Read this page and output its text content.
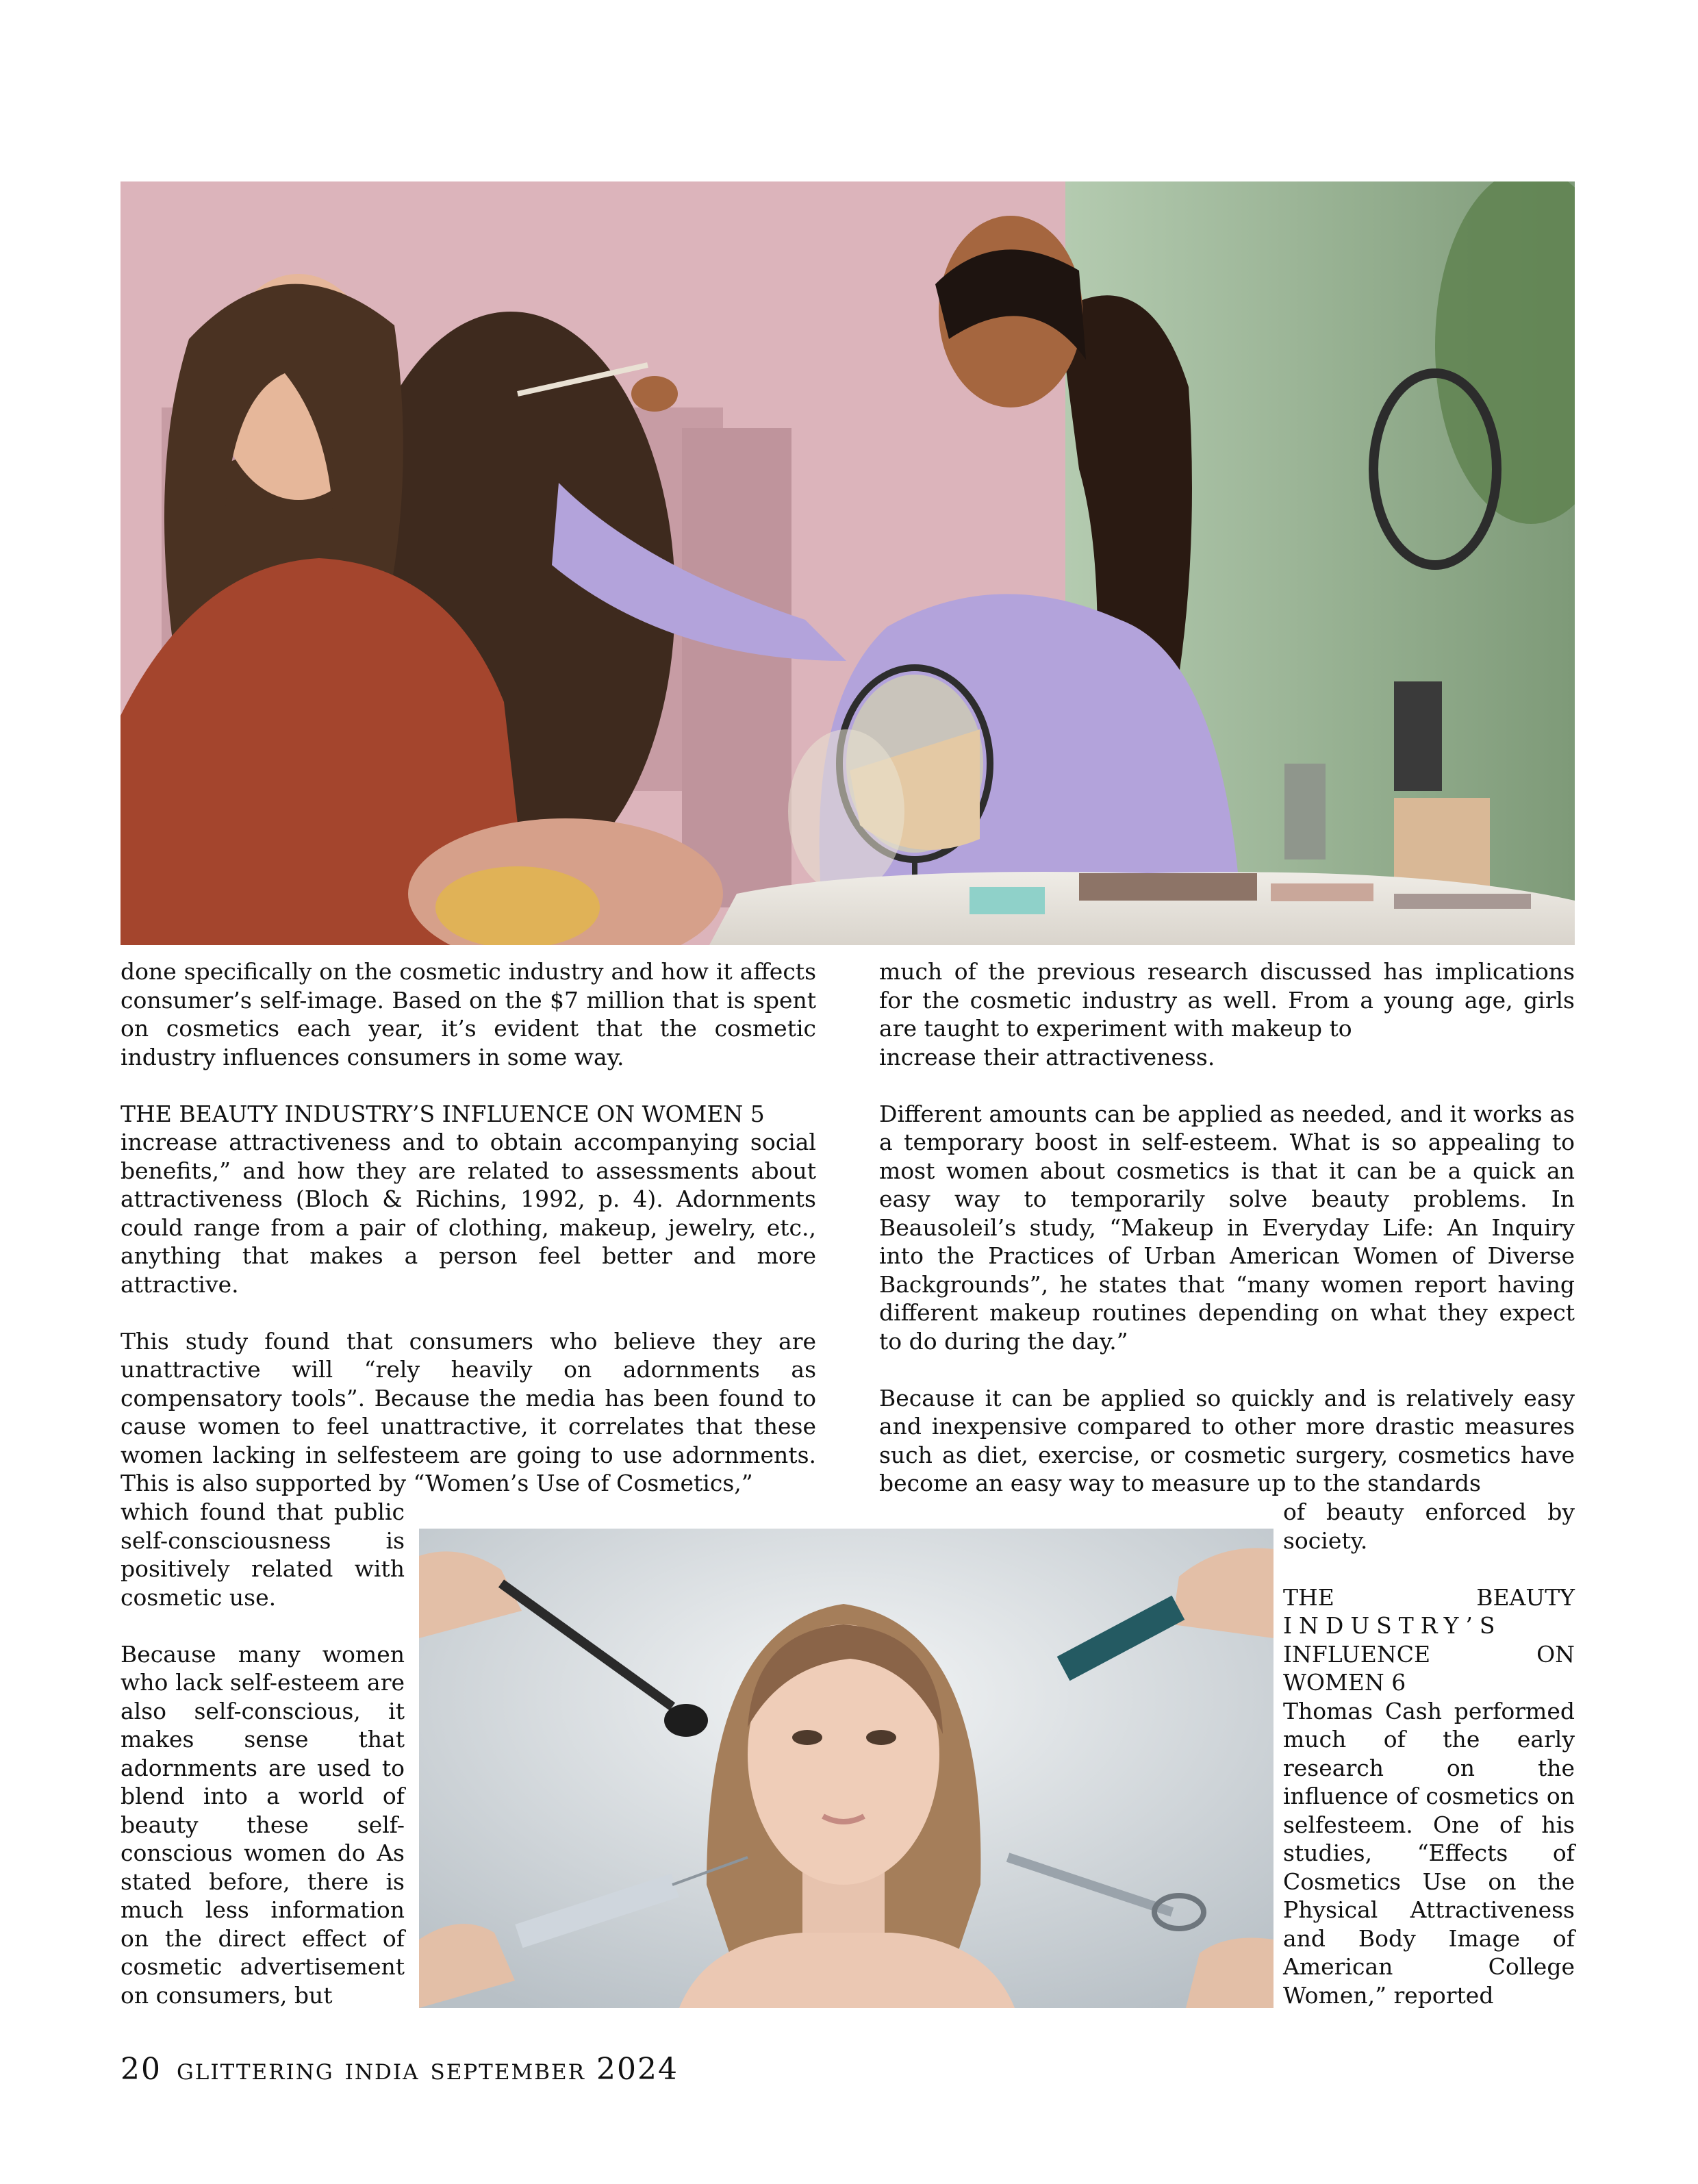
done specifically on the cosmetic industry and how it affects consumer’s self-image. Based on the $7 million that is spent on cosmetics each year, it’s evident that the cosmetic industry influences consumers in some way.

THE BEAUTY INDUSTRY’S INFLUENCE ON WOMEN 5

increase attractiveness and to obtain accompanying social benefits,” and how they are related to assessments about attractiveness (Bloch & Richins, 1992, p. 4). Adornments could range from a pair of clothing, makeup, jewelry, etc., anything that makes a person feel better and more attractive.

This study found that consumers who believe they are unattractive will “rely heavily on adornments as compensatory tools”. Because the media has been found to cause women to feel unattractive, it correlates that these women lacking in selfesteem are going to use adornments. This is also supported by “Women’s Use of Cosmetics,”

which found that public self-consciousness is positively related with cosmetic use.

Because many women who lack self-esteem are also self-conscious, it makes sense that adornments are used to blend into a world of beauty these self-conscious women do As stated before, there is much less information on the direct effect of cosmetic advertisement on consumers, but

much of the previous research discussed has implications for the cosmetic industry as well. From a young age, girls are taught to experiment with makeup to

increase their attractiveness.

Different amounts can be applied as needed, and it works as a temporary boost in self-esteem. What is so appealing to most women about cosmetics is that it can be a quick an easy way to temporarily solve beauty problems. In Beausoleil’s study, “Makeup in Everyday Life: An Inquiry into the Practices of Urban American Women of Diverse Backgrounds”, he states that “many women report having different makeup routines depending on what they expect to do during the day.”

Because it can be applied so quickly and is relatively easy and inexpensive compared to other more drastic measures such as diet, exercise, or cosmetic surgery, cosmetics have become an easy way to measure up to the standards

of beauty enforced by society.

THE BEAUTY
INDUSTRY’S
INFLUENCE ON
WOMEN 6

Thomas Cash performed much of the early research on the influence of cosmetics on selfesteem. One of his studies, “Effects of Cosmetics Use on the Physical Attractiveness and Body Image of American College Women,” reported

20 glittering india september 2024
